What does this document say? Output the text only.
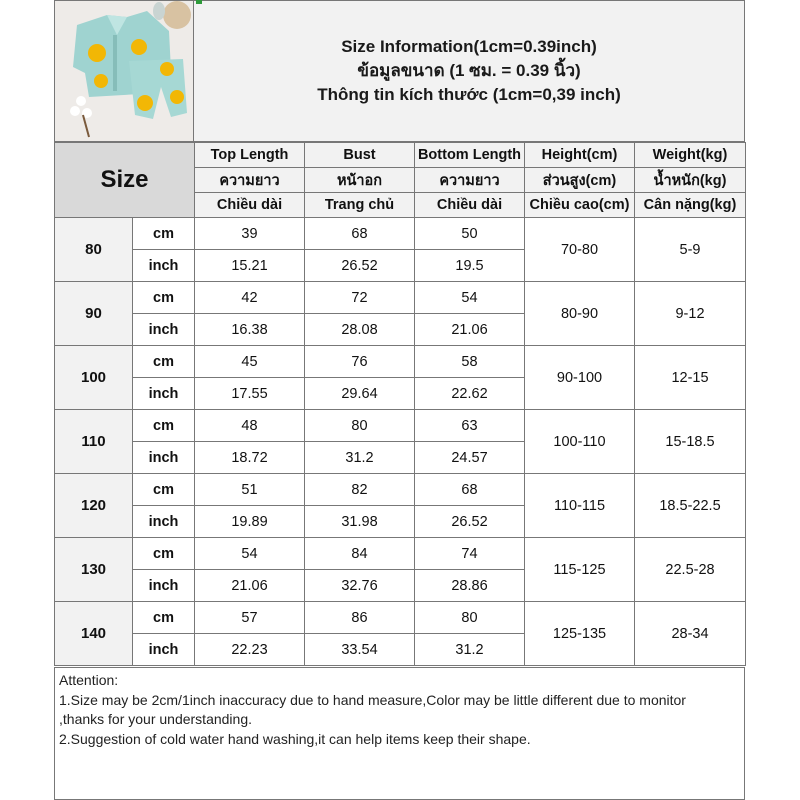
Size Information(1cm=0.39inch)
ข้อมูลขนาด (1 ซม. = 0.39 นิ้ว)
Thông tin kích thước (1cm=0,39 inch)
Size		Top Length	Bust	Bottom Length	Height(cm)	Weight(kg)
		ความยาว	หน้าอก	ความยาว	ส่วนสูง(cm)	น้ำหนัก(kg)
		Chiều dài	Trang chủ	Chiều dài	Chiều cao(cm)	Cân nặng(kg)
80	cm	39	68	50	70-80	5-9
	inch	15.21	26.52	19.5		
90	cm	42	72	54	80-90	9-12
	inch	16.38	28.08	21.06		
100	cm	45	76	58	90-100	12-15
	inch	17.55	29.64	22.62		
110	cm	48	80	63	100-110	15-18.5
	inch	18.72	31.2	24.57		
120	cm	51	82	68	110-115	18.5-22.5
	inch	19.89	31.98	26.52		
130	cm	54	84	74	115-125	22.5-28
	inch	21.06	32.76	28.86		
140	cm	57	86	80	125-135	28-34
	inch	22.23	33.54	31.2		
Attention:
1.Size may be 2cm/1inch inaccuracy due to hand measure,Color may be little different due to monitor
,thanks for your understanding.
2.Suggestion of cold water hand washing,it can help items keep their shape.
